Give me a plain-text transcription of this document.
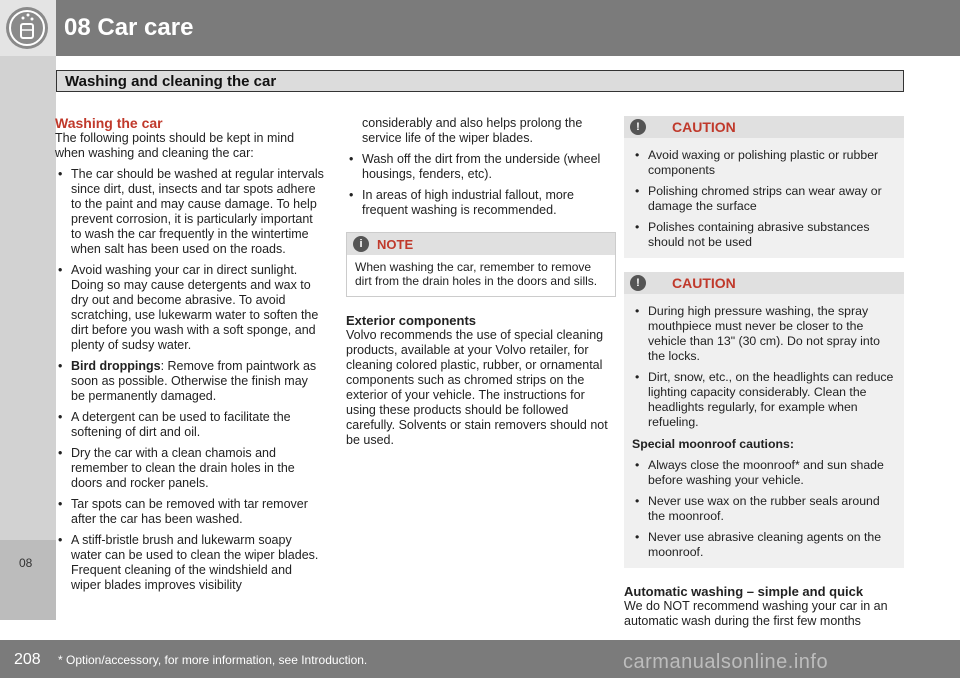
08 Car care
Washing and cleaning the car
08
Washing the car

The following points should be kept in mind when washing and cleaning the car:

• The car should be washed at regular intervals since dirt, dust, insects and tar spots adhere to the paint and may cause damage. To help prevent corrosion, it is particularly important to wash the car frequently in the wintertime when salt has been used on the roads.
• Avoid washing your car in direct sunlight. Doing so may cause detergents and wax to dry out and become abrasive. To avoid scratching, use lukewarm water to soften the dirt before you wash with a soft sponge, and plenty of sudsy water.
• Bird droppings: Remove from paintwork as soon as possible. Otherwise the finish may be permanently damaged.
• A detergent can be used to facilitate the softening of dirt and oil.
• Dry the car with a clean chamois and remember to clean the drain holes in the doors and rocker panels.
• Tar spots can be removed with tar remover after the car has been washed.
• A stiff-bristle brush and lukewarm soapy water can be used to clean the wiper blades. Frequent cleaning of the windshield and wiper blades improves visibility

considerably and also helps prolong the service life of the wiper blades.

• Wash off the dirt from the underside (wheel housings, fenders, etc).
• In areas of high industrial fallout, more frequent washing is recommended.
i	NOTE
When washing the car, remember to remove dirt from the drain holes in the doors and sills.
Exterior components

Volvo recommends the use of special cleaning products, available at your Volvo retailer, for cleaning colored plastic, rubber, or ornamental components such as chromed strips on the exterior of your vehicle. The instructions for using these products should be followed carefully. Solvents or stain removers should not be used.

!	CAUTION
• Avoid waxing or polishing plastic or rubber components
• Polishing chromed strips can wear away or damage the surface
• Polishes containing abrasive substances should not be used
!	CAUTION
• During high pressure washing, the spray mouthpiece must never be closer to the vehicle than 13" (30 cm). Do not spray into the locks.
• Dirt, snow, etc., on the headlights can reduce lighting capacity considerably. Clean the headlights regularly, for example when refueling.
Special moonroof cautions:
• Always close the moonroof* and sun shade before washing your vehicle.
• Never use wax on the rubber seals around the moonroof.
• Never use abrasive cleaning agents on the moonroof.
Automatic washing – simple and quick

We do NOT recommend washing your car in an automatic wash during the first few months

208 * Option/accessory, for more information, see Introduction.	carmanualsonline.info
